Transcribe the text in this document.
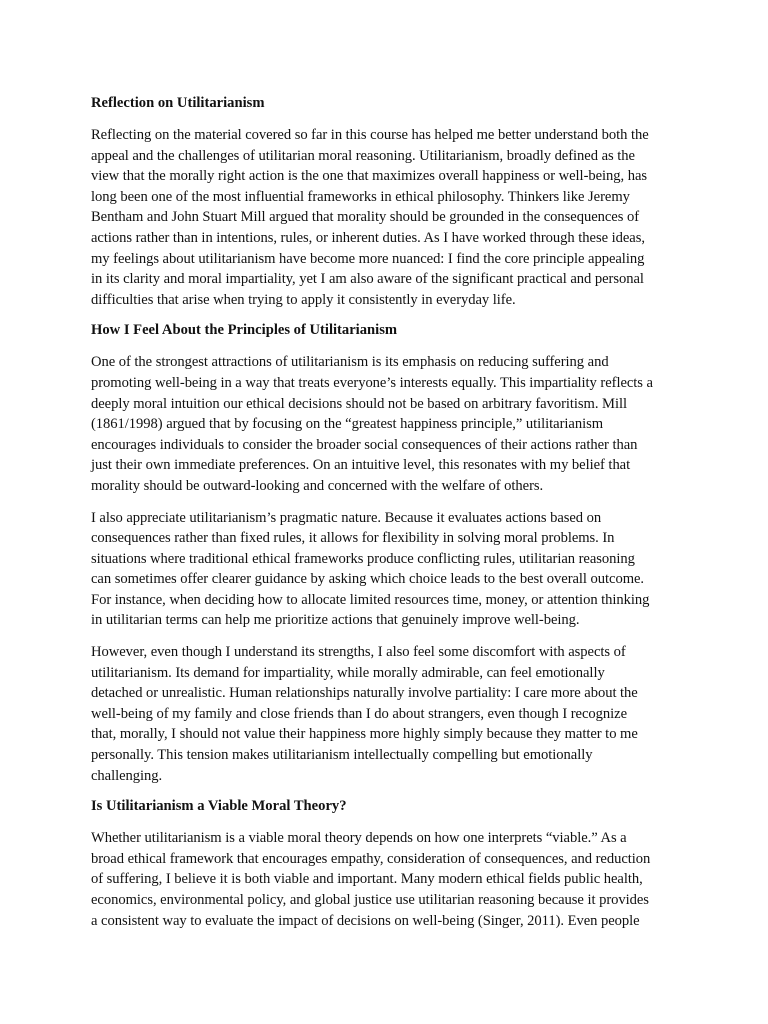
Reflection on Utilitarianism
Reflecting on the material covered so far in this course has helped me better understand both the
appeal and the challenges of utilitarian moral reasoning. Utilitarianism, broadly defined as the
view that the morally right action is the one that maximizes overall happiness or well-being, has
long been one of the most influential frameworks in ethical philosophy. Thinkers like Jeremy
Bentham and John Stuart Mill argued that morality should be grounded in the consequences of
actions rather than in intentions, rules, or inherent duties. As I have worked through these ideas,
my feelings about utilitarianism have become more nuanced: I find the core principle appealing
in its clarity and moral impartiality, yet I am also aware of the significant practical and personal
difficulties that arise when trying to apply it consistently in everyday life.
How I Feel About the Principles of Utilitarianism
One of the strongest attractions of utilitarianism is its emphasis on reducing suffering and
promoting well-being in a way that treats everyone’s interests equally. This impartiality reflects a
deeply moral intuition our ethical decisions should not be based on arbitrary favoritism. Mill
(1861/1998) argued that by focusing on the “greatest happiness principle,” utilitarianism
encourages individuals to consider the broader social consequences of their actions rather than
just their own immediate preferences. On an intuitive level, this resonates with my belief that
morality should be outward-looking and concerned with the welfare of others.
I also appreciate utilitarianism’s pragmatic nature. Because it evaluates actions based on
consequences rather than fixed rules, it allows for flexibility in solving moral problems. In
situations where traditional ethical frameworks produce conflicting rules, utilitarian reasoning
can sometimes offer clearer guidance by asking which choice leads to the best overall outcome.
For instance, when deciding how to allocate limited resources time, money, or attention thinking
in utilitarian terms can help me prioritize actions that genuinely improve well-being.
However, even though I understand its strengths, I also feel some discomfort with aspects of
utilitarianism. Its demand for impartiality, while morally admirable, can feel emotionally
detached or unrealistic. Human relationships naturally involve partiality: I care more about the
well-being of my family and close friends than I do about strangers, even though I recognize
that, morally, I should not value their happiness more highly simply because they matter to me
personally. This tension makes utilitarianism intellectually compelling but emotionally
challenging.
Is Utilitarianism a Viable Moral Theory?
Whether utilitarianism is a viable moral theory depends on how one interprets “viable.” As a
broad ethical framework that encourages empathy, consideration of consequences, and reduction
of suffering, I believe it is both viable and important. Many modern ethical fields public health,
economics, environmental policy, and global justice use utilitarian reasoning because it provides
a consistent way to evaluate the impact of decisions on well-being (Singer, 2011). Even people
